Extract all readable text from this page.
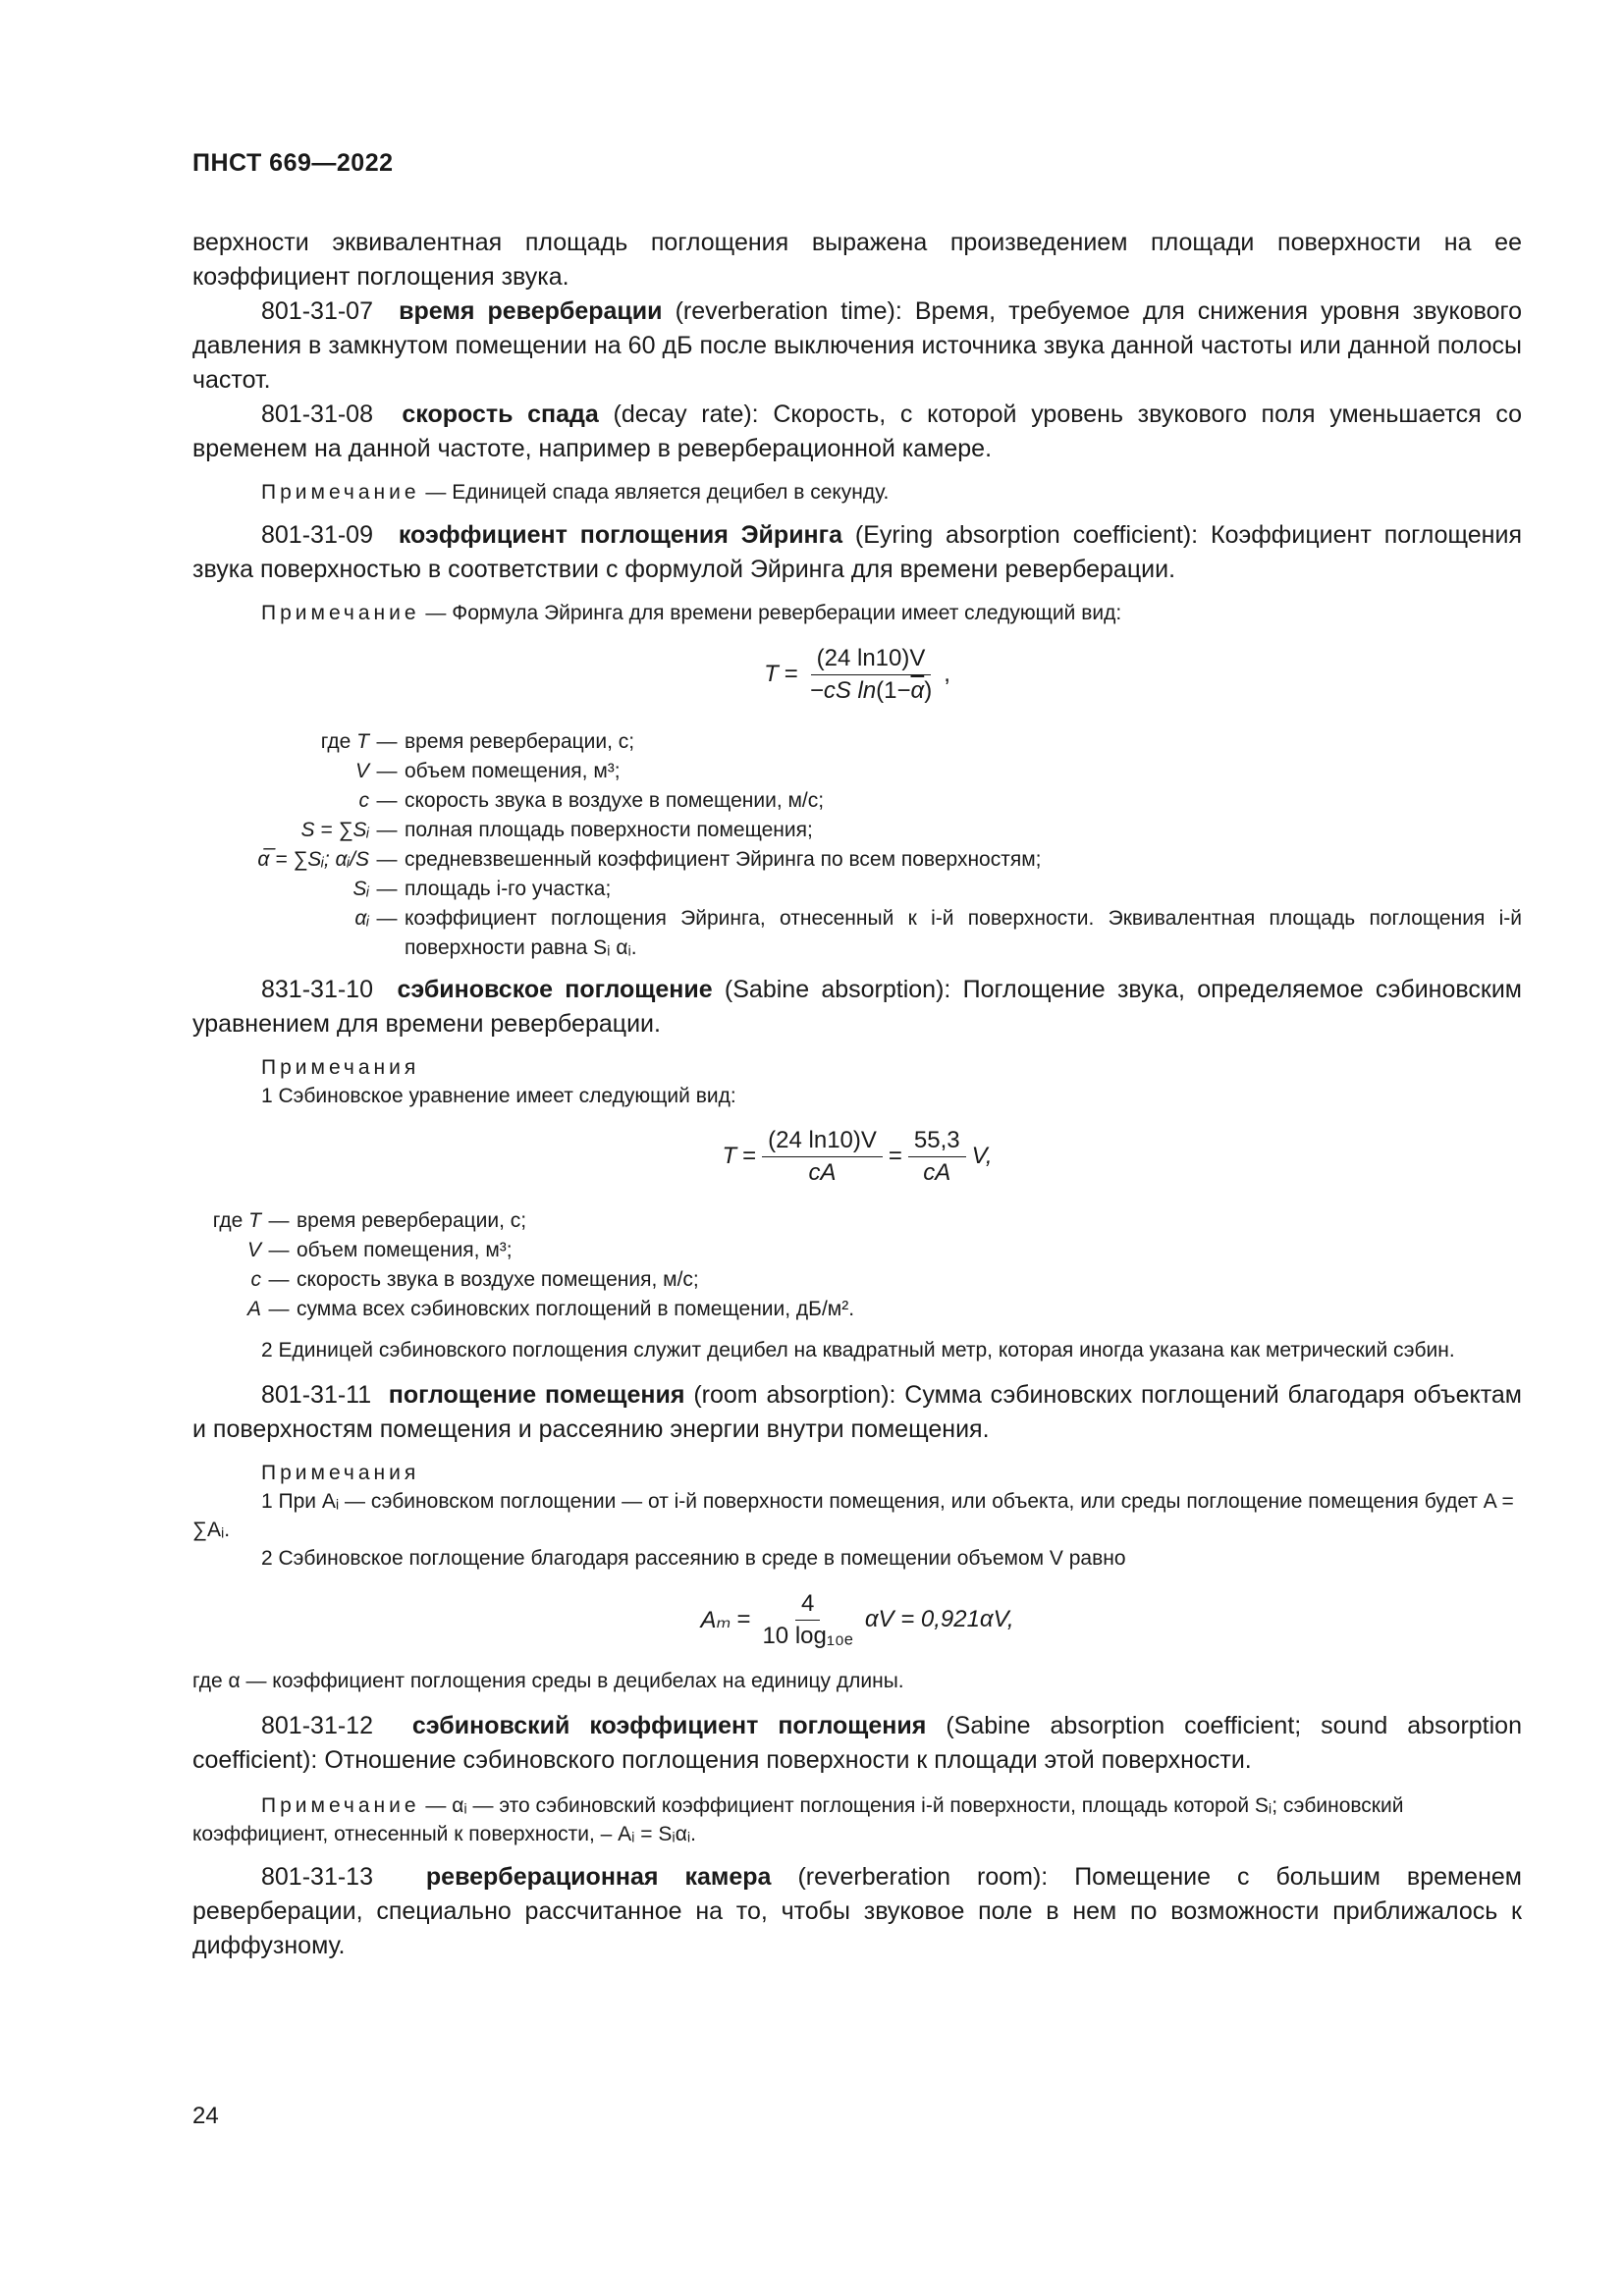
ПНСТ 669—2022

верхности эквивалентная площадь поглощения выражена произведением площади поверхности на ее коэффициент поглощения звука.

801-31-07 время реверберации (reverberation time): Время, требуемое для снижения уровня звукового давления в замкнутом помещении на 60 дБ после выключения источника звука данной частоты или данной полосы частот.

801-31-08 скорость спада (decay rate): Скорость, с которой уровень звукового поля уменьшается со временем на данной частоте, например в реверберационной камере.

Примечание — Единицей спада является децибел в секунду.

801-31-09 коэффициент поглощения Эйринга (Eyring absorption coefficient): Коэффициент поглощения звука поверхностью в соответствии с формулой Эйринга для времени реверберации.

Примечание — Формула Эйринга для времени реверберации имеет следующий вид:

$T = \frac{(24 \ln 10)V}{-cS \ln(1-\overline{\alpha})}$ ,
где T — время реверберации, с;
V — объем помещения, м³;
c — скорость звука в воздухе в помещении, м/с;
S = ∑Sᵢ — полная площадь поверхности помещения;
α̅ = ∑Sᵢ; αᵢ/S — средневзвешенный коэффициент Эйринга по всем поверхностям;
Sᵢ — площадь i-го участка;
αᵢ — коэффициент поглощения Эйринга, отнесенный к i-й поверхности. Эквивалентная площадь поглощения i-й поверхности равна Sᵢ αᵢ.

831-31-10 сэбиновское поглощение (Sabine absorption): Поглощение звука, определяемое сэбиновским уравнением для времени реверберации.

Примечания

1 Сэбиновское уравнение имеет следующий вид:

$T = \frac{(24 \ln 10)V}{cA} = \frac{55,3}{cA} V$,
где T — время реверберации, с;
V — объем помещения, м³;
c — скорость звука в воздухе помещения, м/с;
A — сумма всех сэбиновских поглощений в помещении, дБ/м².

2 Единицей сэбиновского поглощения служит децибел на квадратный метр, которая иногда указана как метрический сэбин.

801-31-11 поглощение помещения (room absorption): Сумма сэбиновских поглощений благодаря объектам и поверхностям помещения и рассеянию энергии внутри помещения.

Примечания

1 При Aᵢ — сэбиновском поглощении — от i-й поверхности помещения, или объекта, или среды поглощение помещения будет A = ∑Aᵢ.

2 Сэбиновское поглощение благодаря рассеянию в среде в помещении объемом V равно

$A_m = \frac{4}{\text{10 log₁₀ₑ}}$ αV = 0,921αV,

где α — коэффициент поглощения среды в децибелах на единицу длины.

801-31-12 сэбиновский коэффициент поглощения (Sabine absorption coefficient; sound absorption coefficient): Отношение сэбиновского поглощения поверхности к площади этой поверхности.

Примечание — αᵢ — это сэбиновский коэффициент поглощения i-й поверхности, площадь которой Sᵢ; сэбиновский коэффициент, отнесенный к поверхности, – Aᵢ = Sᵢαᵢ.

801-31-13 реверберационная камера (reverberation room): Помещение с большим временем реверберации, специально рассчитанное на то, чтобы звуковое поле в нем по возможности приближалось к диффузному.

24
